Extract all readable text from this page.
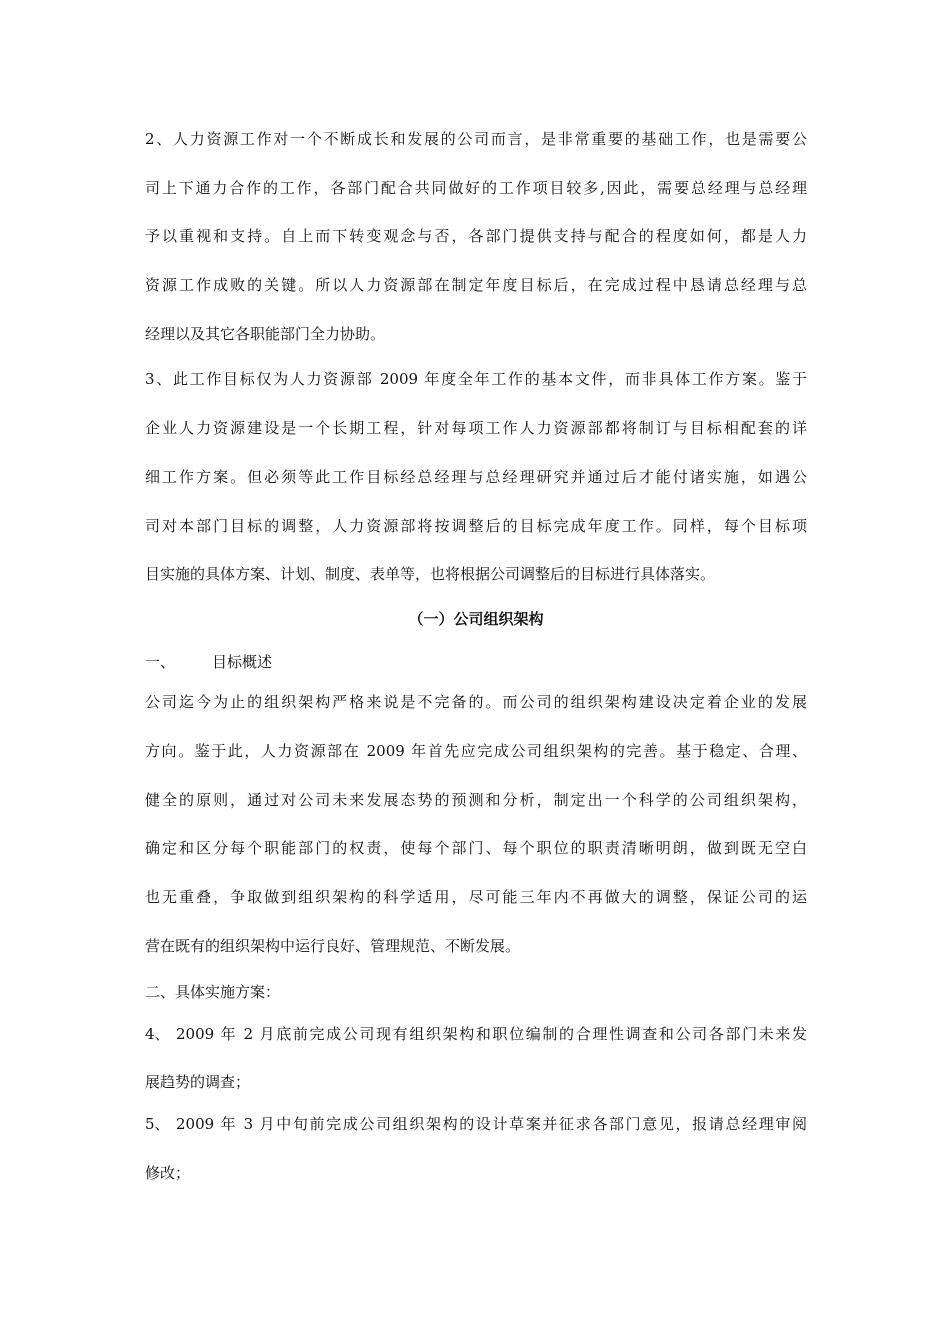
2、人力资源工作对一个不断成长和发展的公司而言，是非常重要的基础工作，也是需要公
司上下通力合作的工作，各部门配合共同做好的工作项目较多,因此，需要总经理与总经理
予以重视和支持。自上而下转变观念与否，各部门提供支持与配合的程度如何，都是人力
资源工作成败的关键。所以人力资源部在制定年度目标后，在完成过程中恳请总经理与总
经理以及其它各职能部门全力协助。
3、此工作目标仅为人力资源部 2009 年度全年工作的基本文件，而非具体工作方案。鉴于
企业人力资源建设是一个长期工程，针对每项工作人力资源部都将制订与目标相配套的详
细工作方案。但必须等此工作目标经总经理与总经理研究并通过后才能付诸实施，如遇公
司对本部门目标的调整，人力资源部将按调整后的目标完成年度工作。同样，每个目标项
目实施的具体方案、计划、制度、表单等，也将根据公司调整后的目标进行具体落实。
（一）公司组织架构
一、 目标概述
公司迄今为止的组织架构严格来说是不完备的。而公司的组织架构建设决定着企业的发展
方向。鉴于此，人力资源部在 2009 年首先应完成公司组织架构的完善。基于稳定、合理、
健全的原则，通过对公司未来发展态势的预测和分析，制定出一个科学的公司组织架构，
确定和区分每个职能部门的权责，使每个部门、每个职位的职责清晰明朗，做到既无空白
也无重叠，争取做到组织架构的科学适用，尽可能三年内不再做大的调整，保证公司的运
营在既有的组织架构中运行良好、管理规范、不断发展。
二、具体实施方案：
4、 2009 年 2 月底前完成公司现有组织架构和职位编制的合理性调查和公司各部门未来发
展趋势的调查；
5、 2009 年 3 月中旬前完成公司组织架构的设计草案并征求各部门意见，报请总经理审阅
修改；
